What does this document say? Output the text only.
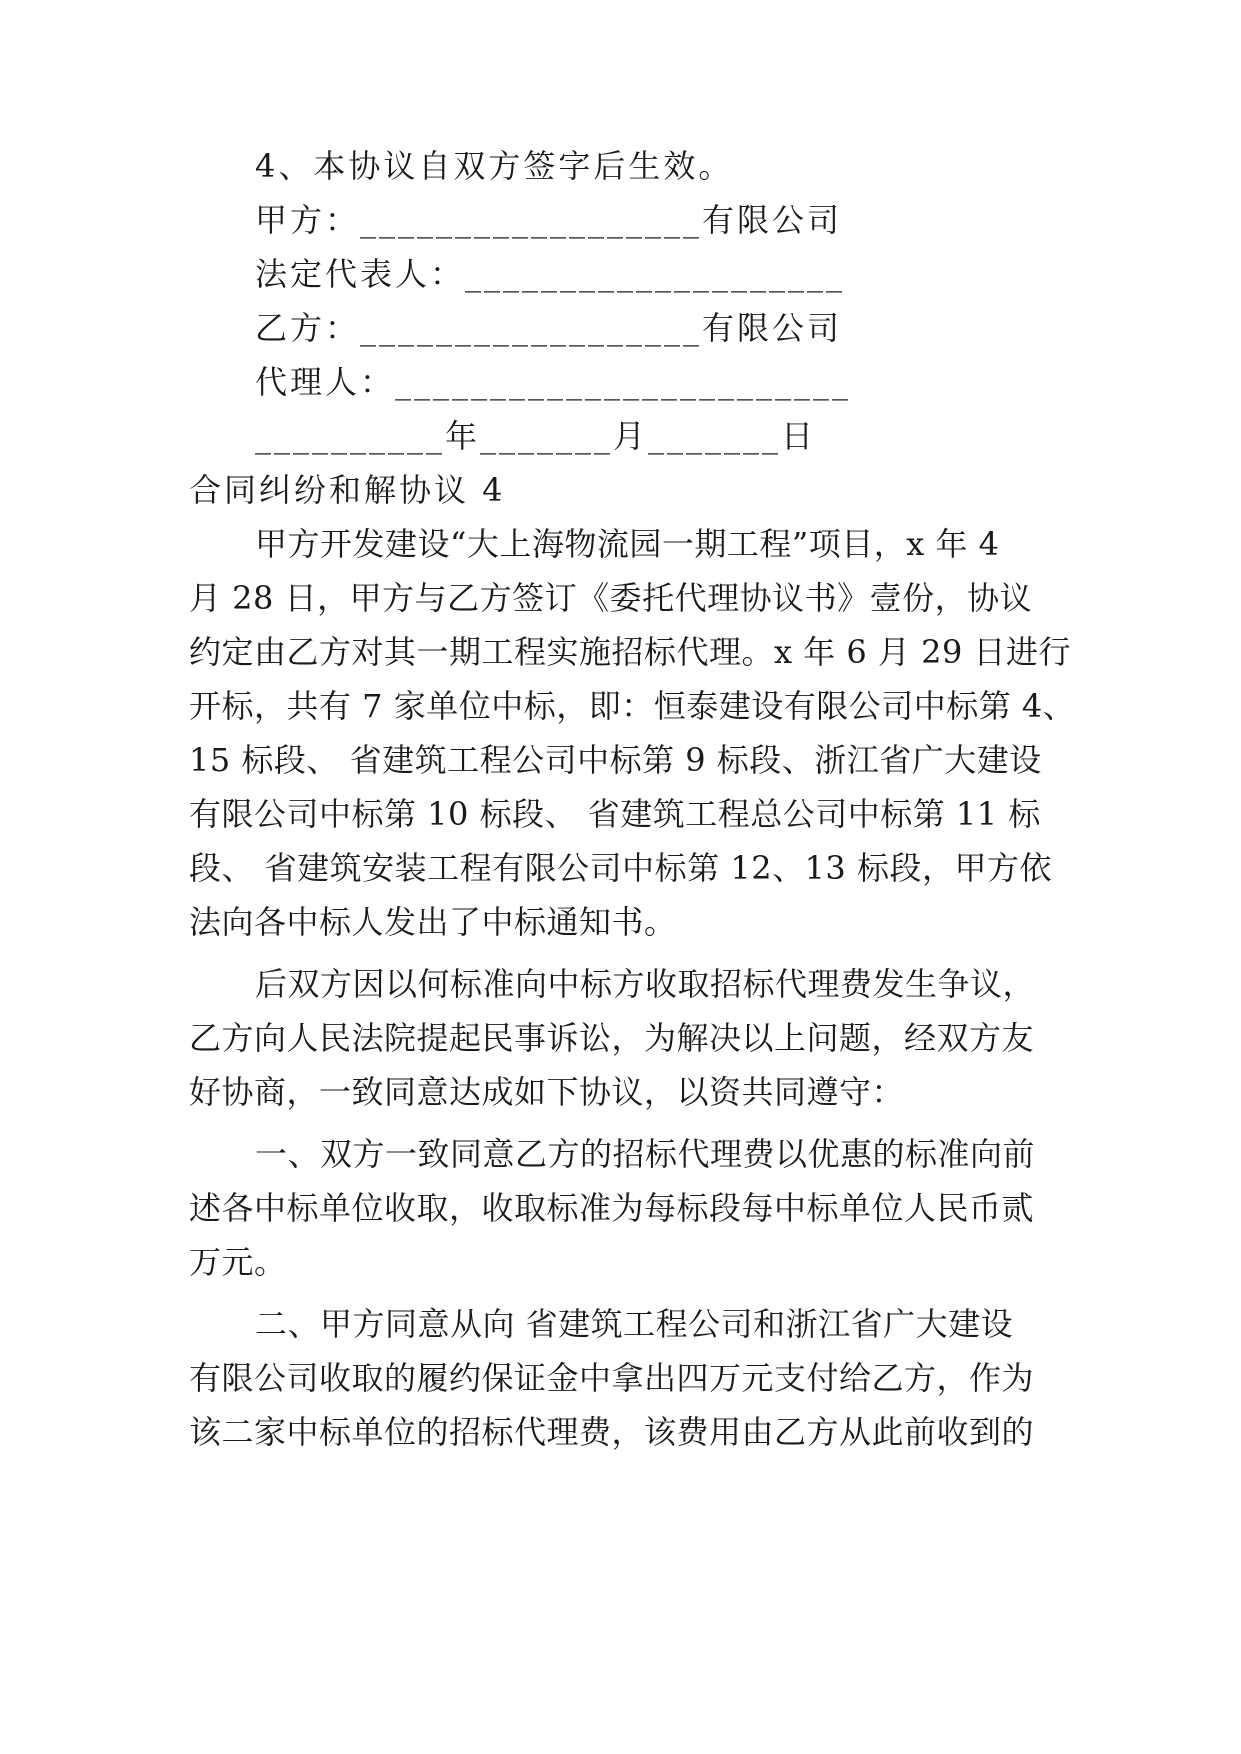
4、本协议自双方签字后生效。
甲方：__________________有限公司
法定代表人：____________________
乙方：__________________有限公司
代理人：________________________
__________年_______月_______日
合同纠纷和解协议 4
甲方开发建设“大上海物流园一期工程”项目，x 年 4
月 28 日，甲方与乙方签订《委托代理协议书》壹份，协议
约定由乙方对其一期工程实施招标代理。x 年 6 月 29 日进行
开标，共有 7 家单位中标，即：恒泰建设有限公司中标第 4、
15 标段、 省建筑工程公司中标第 9 标段、浙江省广大建设
有限公司中标第 10 标段、 省建筑工程总公司中标第 11 标
段、 省建筑安装工程有限公司中标第 12、13 标段，甲方依
法向各中标人发出了中标通知书。
后双方因以何标准向中标方收取招标代理费发生争议，
乙方向人民法院提起民事诉讼，为解决以上问题，经双方友
好协商，一致同意达成如下协议，以资共同遵守：
一、双方一致同意乙方的招标代理费以优惠的标准向前
述各中标单位收取，收取标准为每标段每中标单位人民币贰
万元。
二、甲方同意从向 省建筑工程公司和浙江省广大建设
有限公司收取的履约保证金中拿出四万元支付给乙方，作为
该二家中标单位的招标代理费，该费用由乙方从此前收到的
